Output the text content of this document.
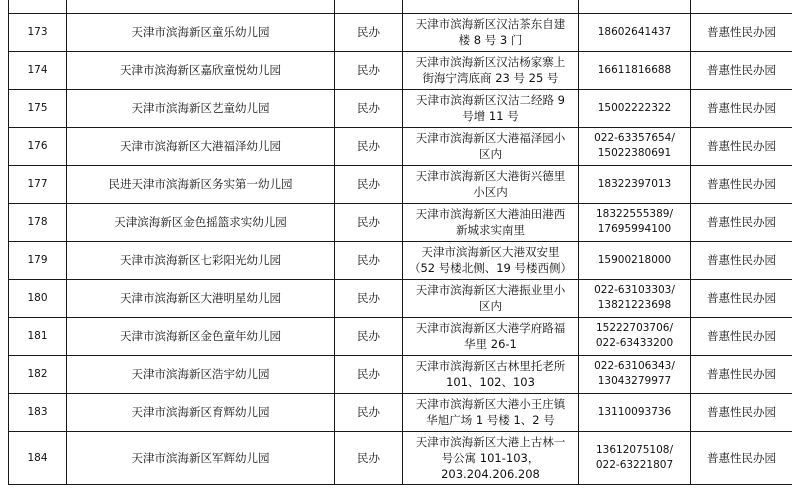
173	天津市滨海新区童乐幼儿园	民办	天津市滨海新区汉沽茶东自建
楼 8 号 3 门	18602641437	普惠性民办园
174	天津市滨海新区嘉欣童悦幼儿园	民办	天津市滨海新区汉沽杨家寨上
街海宁湾底商 23 号 25 号	16611816688	普惠性民办园
175	天津市滨海新区艺童幼儿园	民办	天津市滨海新区汉沽二经路 9
号增 11 号	15002222322	普惠性民办园
176	天津市滨海新区大港福泽幼儿园	民办	天津市滨海新区大港福泽园小
区内	022-63357654/
15022380691	普惠性民办园
177	民进天津市滨海新区务实第一幼儿园	民办	天津市滨海新区大港街兴德里
小区内	18322397013	普惠性民办园
178	天津滨海新区金色摇篮求实幼儿园	民办	天津市滨海新区大港油田港西
新城求实南里	18322555389/
17695994100	普惠性民办园
179	天津市滨海新区七彩阳光幼儿园	民办	天津市滨海新区大港双安里
（52 号楼北侧、19 号楼西侧）	15900218000	普惠性民办园
180	天津市滨海新区大港明星幼儿园	民办	天津市滨海新区大港振业里小
区内	022-63103303/
13821223698	普惠性民办园
181	天津市滨海新区金色童年幼儿园	民办	天津市滨海新区大港学府路福
华里 26-1	15222703706/
022-63433200	普惠性民办园
182	天津市滨海新区浩宇幼儿园	民办	天津市滨海新区古林里托老所
101、102、103	022-63106343/
13043279977	普惠性民办园
183	天津市滨海新区育辉幼儿园	民办	天津市滨海新区大港小王庄镇
华旭广场 1 号楼 1、2 号	13110093736	普惠性民办园
184	天津市滨海新区军辉幼儿园	民办	天津市滨海新区大港上古林一
号公寓 101-103，
203.204.206.208	13612075108/
022-63221807	普惠性民办园
